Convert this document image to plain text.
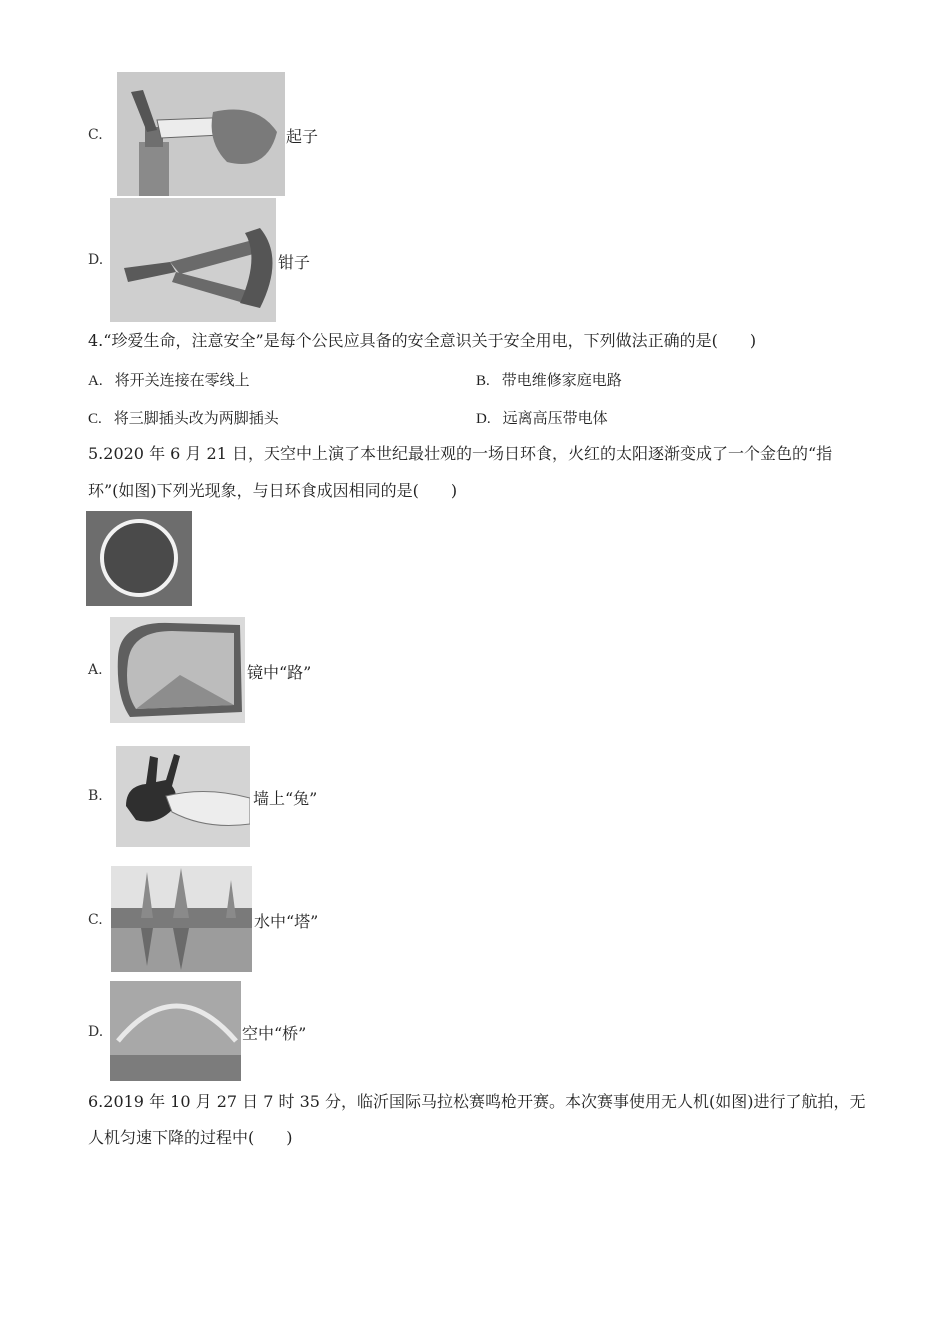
C.	起子
D.	钳子
4.“珍爱生命，注意安全”是每个公民应具备的安全意识关于安全用电，下列做法正确的是(　　)
A. 将开关连接在零线上	B. 带电维修家庭电路
C. 将三脚插头改为两脚插头	D. 远离高压带电体
5.2020 年 6 月 21 日，天空中上演了本世纪最壮观的一场日环食，火红的太阳逐渐变成了一个金色的“指
环”(如图)下列光现象，与日环食成因相同的是(　　)
A.	镜中“路”
B.	墙上“兔”
C.	水中“塔”
D.	空中“桥”
6.2019 年 10 月 27 日 7 时 35 分，临沂国际马拉松赛鸣枪开赛。本次赛事使用无人机(如图)进行了航拍，无
人机匀速下降的过程中(　　)
